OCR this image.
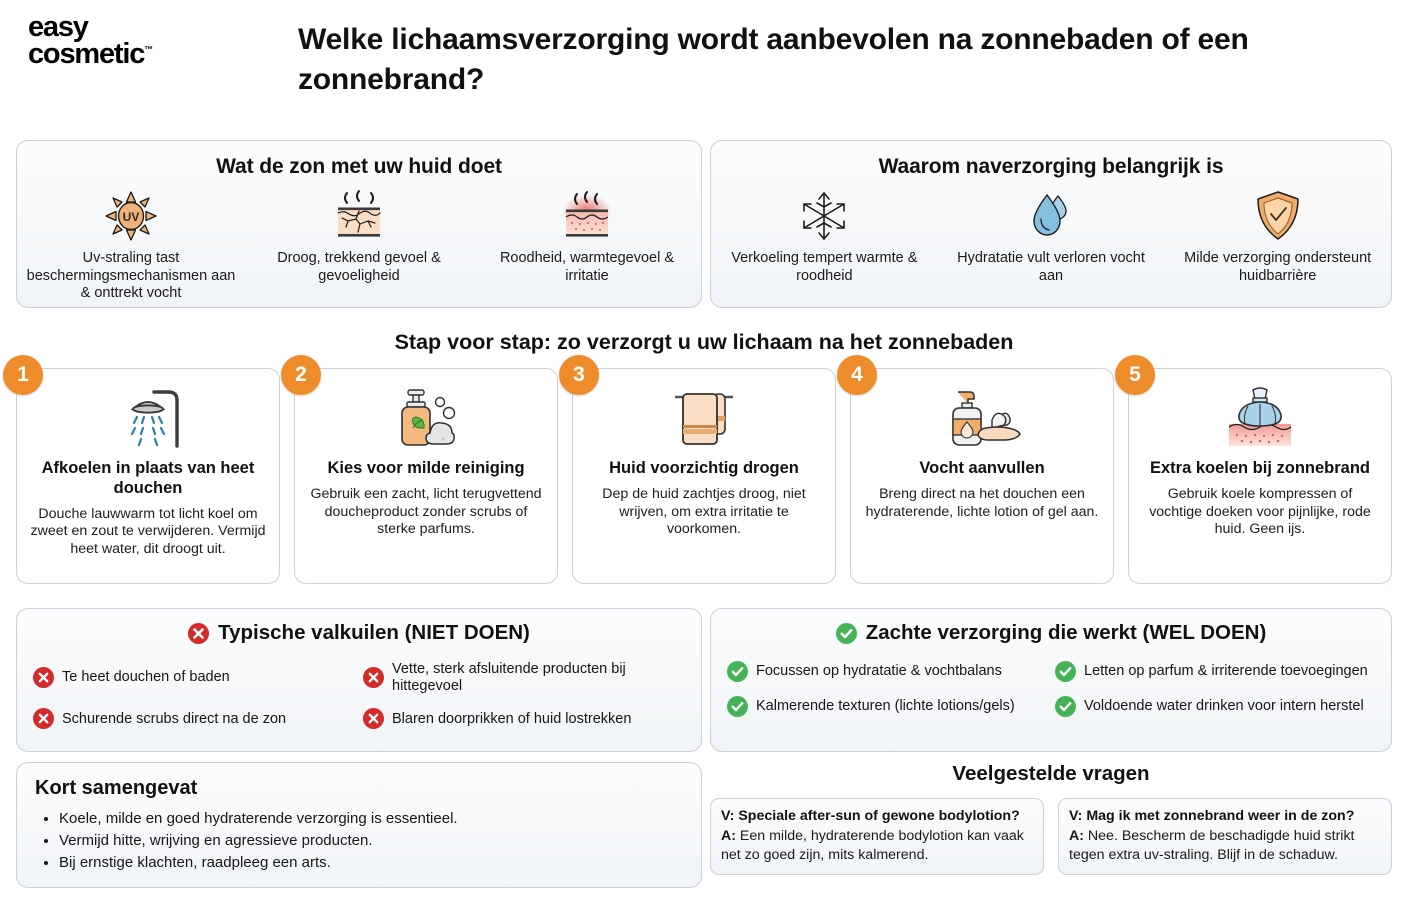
easy
cosmetic™	Welke lichaamsverzorging wordt aanbevolen na zonnebaden of een zonnebrand?
Wat de zon met uw huid doet
UV
Uv-straling tast beschermingsmechanismen aan & onttrekt vocht
Droog, trekkend gevoel & gevoeligheid
Roodheid, warmtegevoel & irritatie
Waarom naverzorging belangrijk is
Verkoeling tempert warmte & roodheid
Hydratatie vult verloren vocht aan
Milde verzorging ondersteunt huidbarrière
Stap voor stap: zo verzorgt u uw lichaam na het zonnebaden
1
Afkoelen in plaats van heet douchen
Douche lauwwarm tot licht koel om zweet en zout te verwijderen. Vermijd heet water, dit droogt uit.
2
Kies voor milde reiniging
Gebruik een zacht, licht terugvettend doucheproduct zonder scrubs of sterke parfums.
3
Huid voorzichtig drogen
Dep de huid zachtjes droog, niet wrijven, om extra irritatie te voorkomen.
4
Vocht aanvullen
Breng direct na het douchen een hydraterende, lichte lotion of gel aan.
5
Extra koelen bij zonnebrand
Gebruik koele kompressen of vochtige doeken voor pijnlijke, rode huid. Geen ijs.
Typische valkuilen (NIET DOEN)
Te heet douchen of baden
Vette, sterk afsluitende producten bij hittegevoel
Schurende scrubs direct na de zon	Blaren doorprikken of huid lostrekken
Zachte verzorging die werkt (WEL DOEN)
Focussen op hydratatie & vochtbalans	Letten op parfum & irriterende toevoegingen
Kalmerende texturen (lichte lotions/gels)	Voldoende water drinken voor intern herstel
Kort samengevat
• Koele, milde en goed hydraterende verzorging is essentieel.
• Vermijd hitte, wrijving en agressieve producten.
• Bij ernstige klachten, raadpleeg een arts.
Veelgestelde vragen
V: Speciale after-sun of gewone bodylotion?
A: Een milde, hydraterende bodylotion kan vaak net zo goed zijn, mits kalmerend.
V: Mag ik met zonnebrand weer in de zon?
A: Nee. Bescherm de beschadigde huid strikt tegen extra uv-straling. Blijf in de schaduw.
